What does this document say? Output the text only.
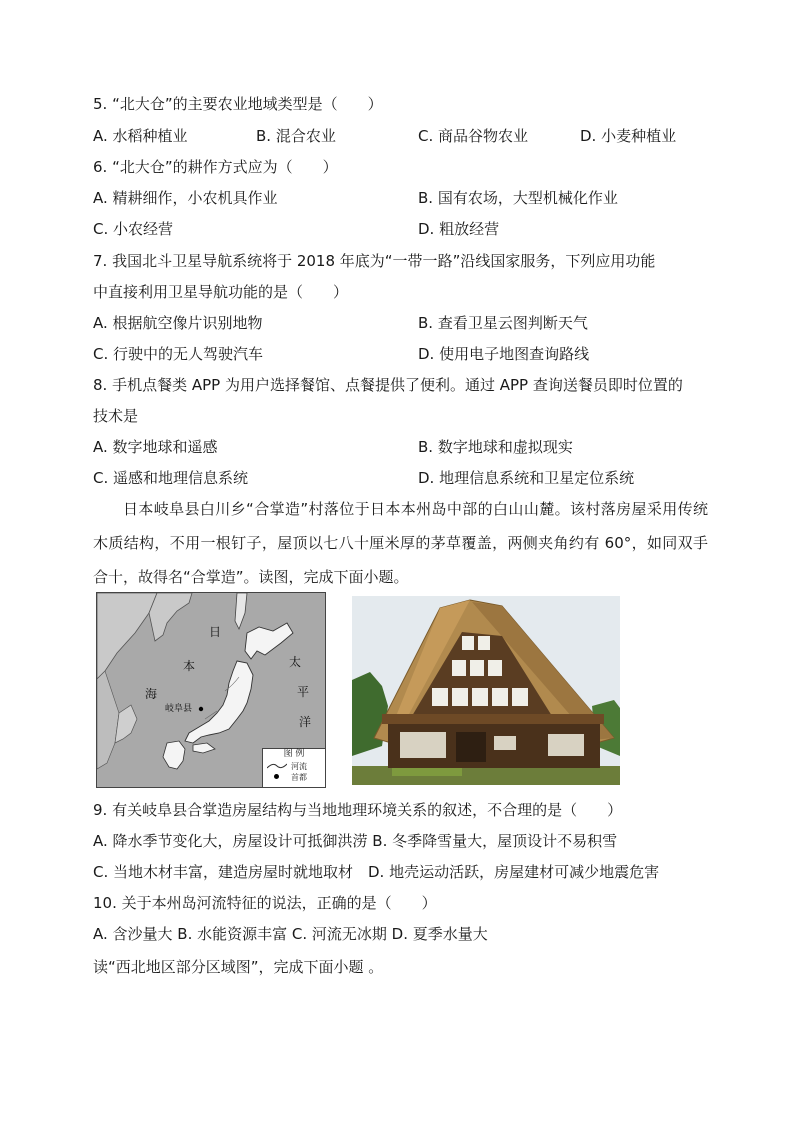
5. “北大仓”的主要农业地域类型是（　　）
A. 水稻种植业	B. 混合农业	C. 商品谷物农业	D. 小麦种植业
6. “北大仓”的耕作方式应为（　　）
A. 精耕细作，小农机具作业	B. 国有农场，大型机械化作业
C. 小农经营	D. 粗放经营
7. 我国北斗卫星导航系统将于 2018 年底为“一带一路”沿线国家服务，下列应用功能
中直接利用卫星导航功能的是（　　）
A. 根据航空像片识别地物	B. 查看卫星云图判断天气
C. 行驶中的无人驾驶汽车	D. 使用电子地图查询路线
8. 手机点餐类 APP 为用户选择餐馆、点餐提供了便利。通过 APP 查询送餐员即时位置的
技术是
A. 数字地球和遥感	B. 数字地球和虚拟现实
C. 遥感和地理信息系统	D. 地理信息系统和卫星定位系统
日本岐阜县白川乡“合掌造”村落位于日本本州岛中部的白山山麓。该村落房屋采用传统木质结构，不用一根钉子，屋顶以七八十厘米厚的茅草覆盖，两侧夹角约有 60°，如同双手合十，故得名“合掌造”。读图，完成下面小题。
日
本
海
太
平
洋
岐阜县
图 例
河流
首都
9. 有关岐阜县合掌造房屋结构与当地地理环境关系的叙述，不合理的是（　　）
A. 降水季节变化大，房屋设计可抵御洪涝 B. 冬季降雪量大，屋顶设计不易积雪
C. 当地木材丰富，建造房屋时就地取材　D. 地壳运动活跃，房屋建材可减少地震危害
10. 关于本州岛河流特征的说法，正确的是（　　）
A. 含沙量大 B. 水能资源丰富 C. 河流无冰期 D. 夏季水量大
读“西北地区部分区域图”，完成下面小题 。
